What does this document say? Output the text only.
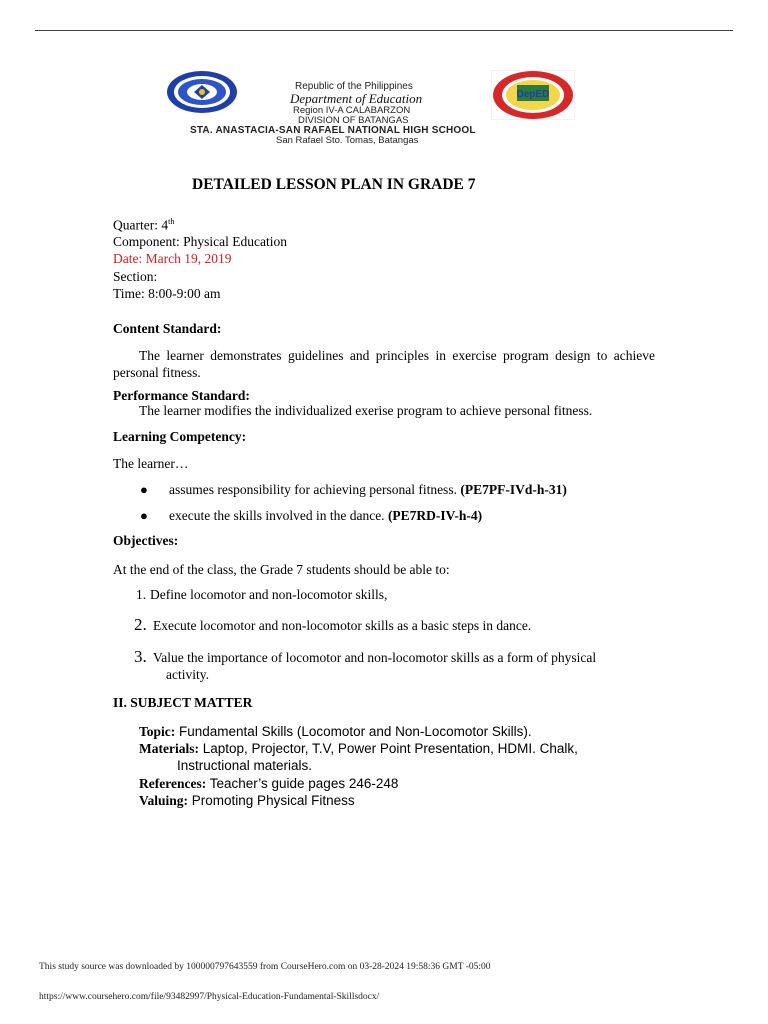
Republic of the Philippines
Department of Education
Region IV-A CALABARZON
DIVISION OF BATANGAS
STA. ANASTACIA-SAN RAFAEL NATIONAL HIGH SCHOOL
San Rafael Sto. Tomas, Batangas
DepED
DETAILED LESSON PLAN IN GRADE 7
Quarter: 4th
Component: Physical Education
Date: March 19, 2019
Section:
Time: 8:00-9:00 am
Content Standard:
The learner demonstrates guidelines and principles in exercise program design to achieve personal fitness.
Performance Standard:
The learner modifies the individualized exerise program to achieve personal fitness.
Learning Competency:
The learner…
● assumes responsibility for achieving personal fitness. (PE7PF-IVd-h-31)
● execute the skills involved in the dance. (PE7RD-IV-h-4)
Objectives:
At the end of the class, the Grade 7 students should be able to:
1. Define locomotor and non-locomotor skills,
2. Execute locomotor and non-locomotor skills as a basic steps in dance.
3. Value the importance of locomotor and non-locomotor skills as a form of physical
activity.
II. SUBJECT MATTER
Topic: Fundamental Skills (Locomotor and Non-Locomotor Skills).
Materials: Laptop, Projector, T.V, Power Point Presentation, HDMI. Chalk,
Instructional materials.
References: Teacher’s guide pages 246-248
Valuing: Promoting Physical Fitness
This study source was downloaded by 100000797643559 from CourseHero.com on 03-28-2024 19:58:36 GMT -05:00
https://www.coursehero.com/file/93482997/Physical-Education-Fundamental-Skillsdocx/
